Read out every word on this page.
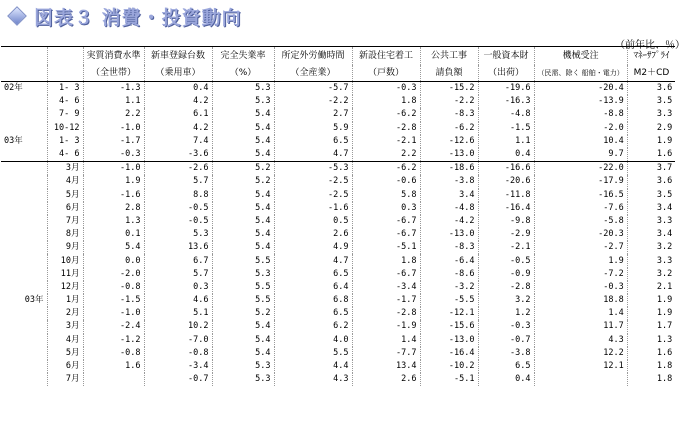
図表３ 消費・投資動向
（前年比、％）
		実質消費水準	新車登録台数	完全失業率	所定外労働時間	新設住宅着工	公共工事	一般資本財	機械受注	ﾏﾈｰｻﾌﾟﾗｲ
		（全世帯）	（乗用車）	（%）	（全産業）	（戸数）	請負額	（出荷）	（民需、除く 船舶・電力）	M2＋CD
02年	1- 3	-1.3	0.4	5.3	-5.7	-0.3	-15.2	-19.6	-20.4	3.6
	4- 6	1.1	4.2	5.3	-2.2	1.8	-2.2	-16.3	-13.9	3.5
	7- 9	2.2	6.1	5.4	2.7	-6.2	-8.3	-4.8	-8.8	3.3
	10-12	-1.0	4.2	5.4	5.9	-2.8	-6.2	-1.5	-2.0	2.9
03年	1- 3	-1.7	7.4	5.4	6.5	-2.1	-12.6	1.1	10.4	1.9
	4- 6	-0.3	-3.6	5.4	4.7	2.2	-13.0	0.4	9.7	1.6
	3月	-1.0	-2.6	5.2	-5.3	-6.2	-18.6	-16.6	-22.0	3.7
	4月	1.9	5.7	5.2	-2.5	-0.6	-3.8	-20.6	-17.9	3.6
	5月	-1.6	8.8	5.4	-2.5	5.8	3.4	-11.8	-16.5	3.5
	6月	2.8	-0.5	5.4	-1.6	0.3	-4.8	-16.4	-7.6	3.4
	7月	1.3	-0.5	5.4	0.5	-6.7	-4.2	-9.8	-5.8	3.3
	8月	0.1	5.3	5.4	2.6	-6.7	-13.0	-2.9	-20.3	3.4
	9月	5.4	13.6	5.4	4.9	-5.1	-8.3	-2.1	-2.7	3.2
	10月	0.0	6.7	5.5	4.7	1.8	-6.4	-0.5	1.9	3.3
	11月	-2.0	5.7	5.3	6.5	-6.7	-8.6	-0.9	-7.2	3.2
	12月	-0.8	0.3	5.5	6.4	-3.4	-3.2	-2.8	-0.3	2.1
03年	1月	-1.5	4.6	5.5	6.8	-1.7	-5.5	3.2	18.8	1.9
	2月	-1.0	5.1	5.2	6.5	-2.8	-12.1	1.2	1.4	1.9
	3月	-2.4	10.2	5.4	6.2	-1.9	-15.6	-0.3	11.7	1.7
	4月	-1.2	-7.0	5.4	4.0	1.4	-13.0	-0.7	4.3	1.3
	5月	-0.8	-0.8	5.4	5.5	-7.7	-16.4	-3.8	12.2	1.6
	6月	1.6	-3.4	5.3	4.4	13.4	-10.2	6.5	12.1	1.8
	7月		-0.7	5.3	4.3	2.6	-5.1	0.4		1.8
